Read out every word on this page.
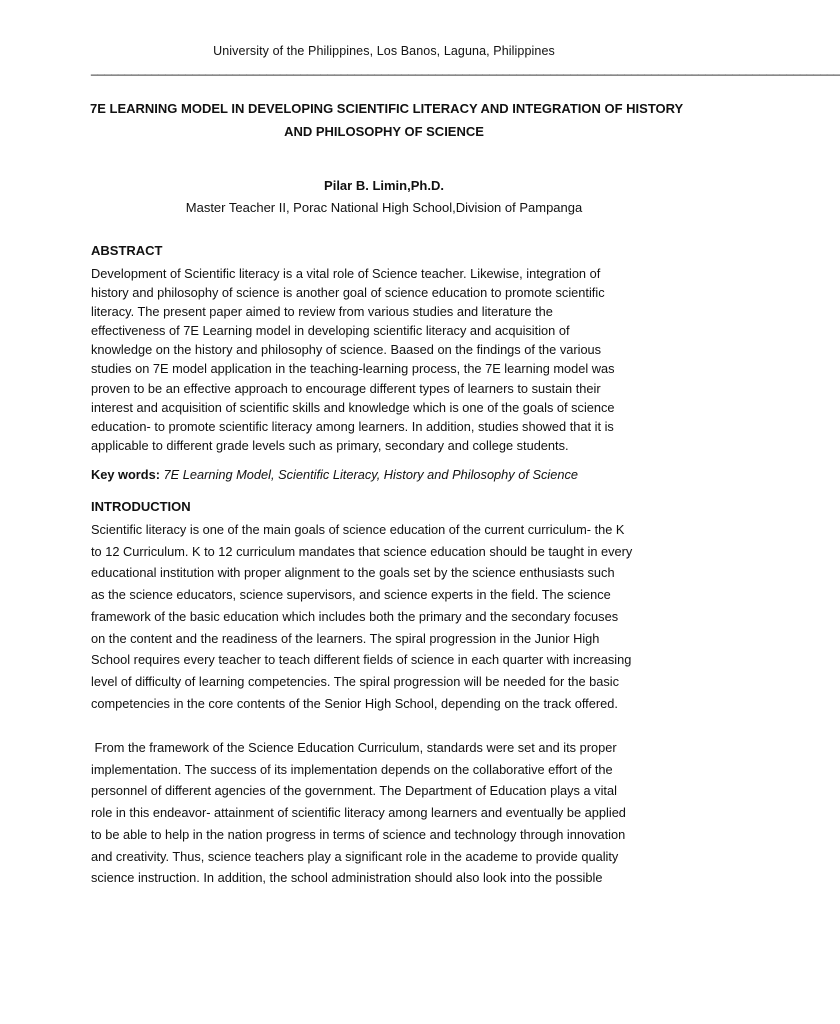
University of the Philippines, Los Banos, Laguna, Philippines
_______________________________________________________________________________________________________________
7E LEARNING MODEL IN DEVELOPING SCIENTIFIC LITERACY AND INTEGRATION OF HISTORY
AND PHILOSOPHY OF SCIENCE
Pilar B. Limin,Ph.D.
Master Teacher II, Porac National High School,Division of Pampanga
ABSTRACT
Development of Scientific literacy is a vital role of Science teacher. Likewise, integration of
history and philosophy of science is another goal of science education to promote scientific
literacy. The present paper aimed to review from various studies and literature the
effectiveness of 7E Learning model in developing scientific literacy and acquisition of
knowledge on the history and philosophy of science. Baased on the findings of the various
studies on 7E model application in the teaching-learning process, the 7E learning model was
proven to be an effective approach to encourage different types of learners to sustain their
interest and acquisition of scientific skills and knowledge which is one of the goals of science
education- to promote scientific literacy among learners. In addition, studies showed that it is
applicable to different grade levels such as primary, secondary and college students.
Key words: 7E Learning Model, Scientific Literacy, History and Philosophy of Science
INTRODUCTION
Scientific literacy is one of the main goals of science education of the current curriculum- the K
to 12 Curriculum. K to 12 curriculum mandates that science education should be taught in every
educational institution with proper alignment to the goals set by the science enthusiasts such
as the science educators, science supervisors, and science experts in the field. The science
framework of the basic education which includes both the primary and the secondary focuses
on the content and the readiness of the learners. The spiral progression in the Junior High
School requires every teacher to teach different fields of science in each quarter with increasing
level of difficulty of learning competencies. The spiral progression will be needed for the basic
competencies in the core contents of the Senior High School, depending on the track offered.
From the framework of the Science Education Curriculum, standards were set and its proper
implementation. The success of its implementation depends on the collaborative effort of the
personnel of different agencies of the government. The Department of Education plays a vital
role in this endeavor- attainment of scientific literacy among learners and eventually be applied
to be able to help in the nation progress in terms of science and technology through innovation
and creativity. Thus, science teachers play a significant role in the academe to provide quality
science instruction. In addition, the school administration should also look into the possible
